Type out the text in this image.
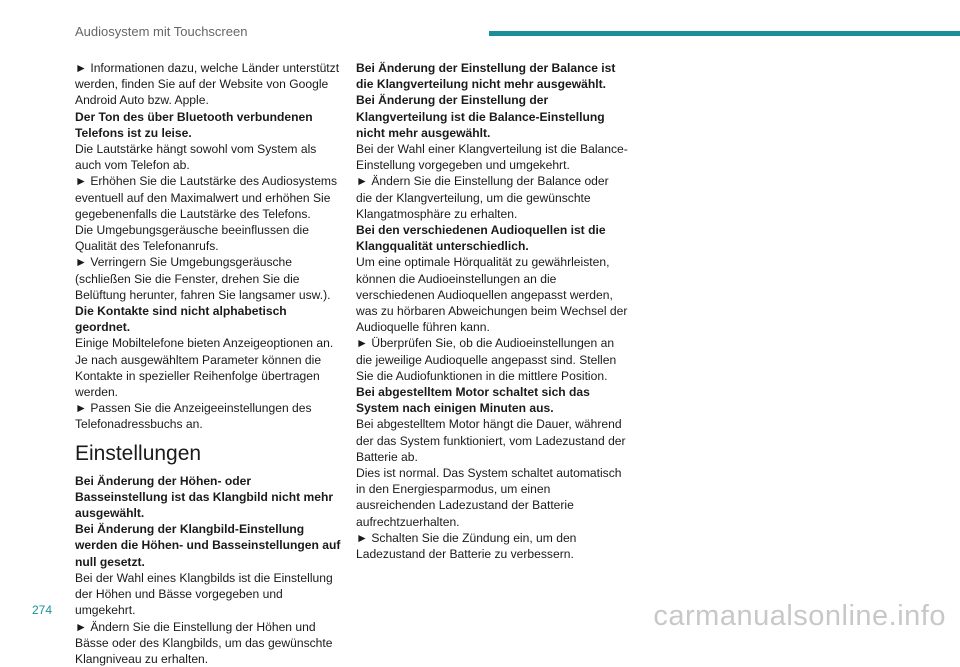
Audiosystem mit Touchscreen

► Informationen dazu, welche Länder unterstützt werden, finden Sie auf der Website von Google Android Auto bzw. Apple.

Der Ton des über Bluetooth verbundenen Telefons ist zu leise.

Die Lautstärke hängt sowohl vom System als auch vom Telefon ab.

► Erhöhen Sie die Lautstärke des Audiosystems eventuell auf den Maximalwert und erhöhen Sie gegebenenfalls die Lautstärke des Telefons.

Die Umgebungsgeräusche beeinflussen die Qualität des Telefonanrufs.

► Verringern Sie Umgebungsgeräusche (schließen Sie die Fenster, drehen Sie die Belüftung herunter, fahren Sie langsamer usw.).

Die Kontakte sind nicht alphabetisch geordnet.

Einige Mobiltelefone bieten Anzeigeoptionen an. Je nach ausgewähltem Parameter können die Kontakte in spezieller Reihenfolge übertragen werden.

► Passen Sie die Anzeigeeinstellungen des Telefonadressbuchs an.

Einstellungen

Bei Änderung der Höhen- oder Basseinstellung ist das Klangbild nicht mehr ausgewählt.

Bei Änderung der Klangbild-Einstellung werden die Höhen- und Basseinstellungen auf null gesetzt.

Bei der Wahl eines Klangbilds ist die Einstellung der Höhen und Bässe vorgegeben und umgekehrt.

► Ändern Sie die Einstellung der Höhen und Bässe oder des Klangbilds, um das gewünschte Klangniveau zu erhalten.

Bei Änderung der Einstellung der Balance ist die Klangverteilung nicht mehr ausgewählt.

Bei Änderung der Einstellung der Klangverteilung ist die Balance-Einstellung nicht mehr ausgewählt.

Bei der Wahl einer Klangverteilung ist die Balance-Einstellung vorgegeben und umgekehrt.

► Ändern Sie die Einstellung der Balance oder die der Klangverteilung, um die gewünschte Klangatmosphäre zu erhalten.

Bei den verschiedenen Audioquellen ist die Klangqualität unterschiedlich.

Um eine optimale Hörqualität zu gewährleisten, können die Audioeinstellungen an die verschiedenen Audioquellen angepasst werden, was zu hörbaren Abweichungen beim Wechsel der Audioquelle führen kann.

► Überprüfen Sie, ob die Audioeinstellungen an die jeweilige Audioquelle angepasst sind. Stellen Sie die Audiofunktionen in die mittlere Position.

Bei abgestelltem Motor schaltet sich das System nach einigen Minuten aus.

Bei abgestelltem Motor hängt die Dauer, während der das System funktioniert, vom Ladezustand der Batterie ab.

Dies ist normal. Das System schaltet automatisch in den Energiesparmodus, um einen ausreichenden Ladezustand der Batterie aufrechtzuerhalten.

► Schalten Sie die Zündung ein, um den Ladezustand der Batterie zu verbessern.

274	carmanualsonline.info
